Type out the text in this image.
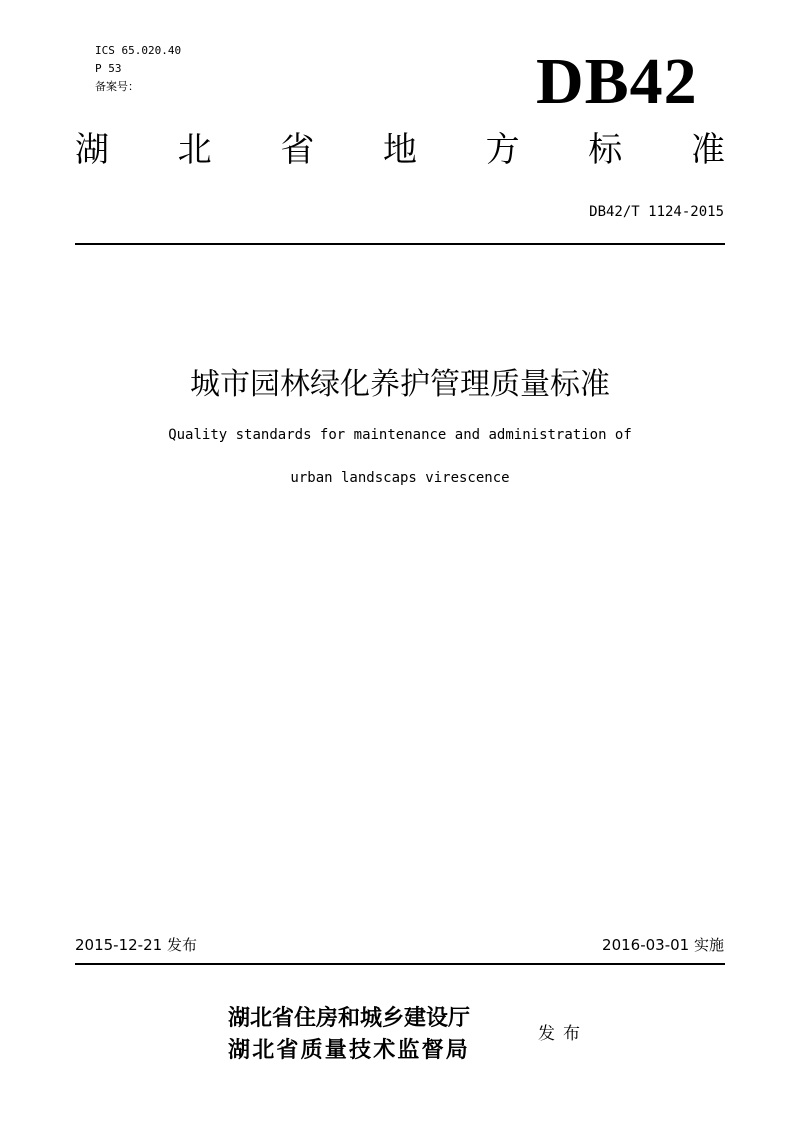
ICS 65.020.40
P 53
备案号：	DB42
湖 北 省 地 方 标 准
DB42/T 1124-2015
城市园林绿化养护管理质量标准
Quality standards for maintenance and administration of
urban landscaps virescence
2015-12-21 发布	2016-03-01 实施
湖北省住房和城乡建设厅
湖北省质量技术监督局
发布
